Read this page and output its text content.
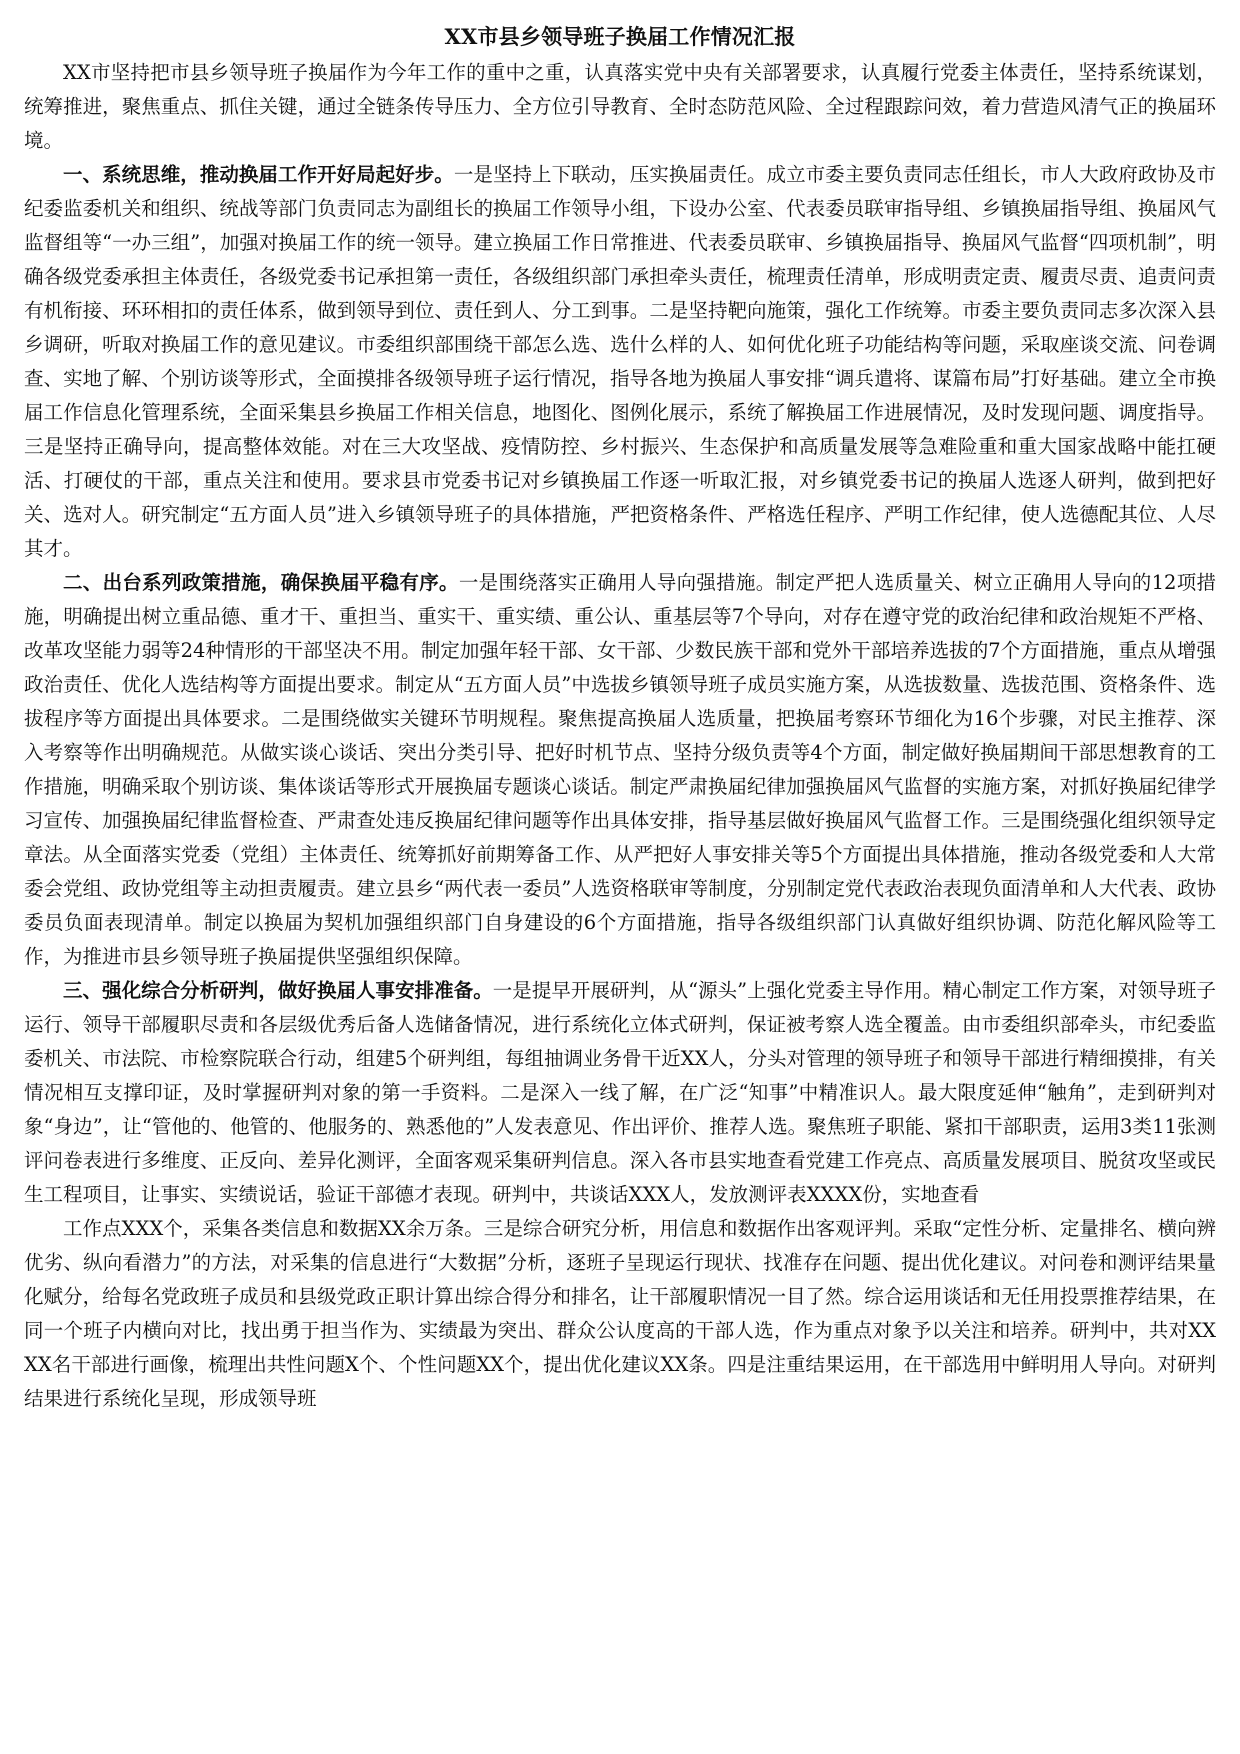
XX市县乡领导班子换届工作情况汇报

XX市坚持把市县乡领导班子换届作为今年工作的重中之重，认真落实党中央有关部署要求，认真履行党委主体责任，坚持系统谋划，统筹推进，聚焦重点、抓住关键，通过全链条传导压力、全方位引导教育、全时态防范风险、全过程跟踪问效，着力营造风清气正的换届环境。

一、系统思维，推动换届工作开好局起好步。一是坚持上下联动，压实换届责任。成立市委主要负责同志任组长，市人大政府政协及市纪委监委机关和组织、统战等部门负责同志为副组长的换届工作领导小组，下设办公室、代表委员联审指导组、乡镇换届指导组、换届风气监督组等“一办三组”，加强对换届工作的统一领导。建立换届工作日常推进、代表委员联审、乡镇换届指导、换届风气监督“四项机制”，明确各级党委承担主体责任，各级党委书记承担第一责任，各级组织部门承担牵头责任，梳理责任清单，形成明责定责、履责尽责、追责问责有机衔接、环环相扣的责任体系，做到领导到位、责任到人、分工到事。二是坚持靶向施策，强化工作统筹。市委主要负责同志多次深入县乡调研，听取对换届工作的意见建议。市委组织部围绕干部怎么选、选什么样的人、如何优化班子功能结构等问题，采取座谈交流、问卷调查、实地了解、个别访谈等形式，全面摸排各级领导班子运行情况，指导各地为换届人事安排“调兵遣将、谋篇布局”打好基础。建立全市换届工作信息化管理系统，全面采集县乡换届工作相关信息，地图化、图例化展示，系统了解换届工作进展情况，及时发现问题、调度指导。三是坚持正确导向，提高整体效能。对在三大攻坚战、疫情防控、乡村振兴、生态保护和高质量发展等急难险重和重大国家战略中能扛硬活、打硬仗的干部，重点关注和使用。要求县市党委书记对乡镇换届工作逐一听取汇报，对乡镇党委书记的换届人选逐人研判，做到把好关、选对人。研究制定“五方面人员”进入乡镇领导班子的具体措施，严把资格条件、严格选任程序、严明工作纪律，使人选德配其位、人尽其才。

二、出台系列政策措施，确保换届平稳有序。一是围绕落实正确用人导向强措施。制定严把人选质量关、树立正确用人导向的12项措施，明确提出树立重品德、重才干、重担当、重实干、重实绩、重公认、重基层等7个导向，对存在遵守党的政治纪律和政治规矩不严格、改革攻坚能力弱等24种情形的干部坚决不用。制定加强年轻干部、女干部、少数民族干部和党外干部培养选拔的7个方面措施，重点从增强政治责任、优化人选结构等方面提出要求。制定从“五方面人员”中选拔乡镇领导班子成员实施方案，从选拔数量、选拔范围、资格条件、选拔程序等方面提出具体要求。二是围绕做实关键环节明规程。聚焦提高换届人选质量，把换届考察环节细化为16个步骤，对民主推荐、深入考察等作出明确规范。从做实谈心谈话、突出分类引导、把好时机节点、坚持分级负责等4个方面，制定做好换届期间干部思想教育的工作措施，明确采取个别访谈、集体谈话等形式开展换届专题谈心谈话。制定严肃换届纪律加强换届风气监督的实施方案，对抓好换届纪律学习宣传、加强换届纪律监督检查、严肃查处违反换届纪律问题等作出具体安排，指导基层做好换届风气监督工作。三是围绕强化组织领导定章法。从全面落实党委（党组）主体责任、统筹抓好前期筹备工作、从严把好人事安排关等5个方面提出具体措施，推动各级党委和人大常委会党组、政协党组等主动担责履责。建立县乡“两代表一委员”人选资格联审等制度，分别制定党代表政治表现负面清单和人大代表、政协委员负面表现清单。制定以换届为契机加强组织部门自身建设的6个方面措施，指导各级组织部门认真做好组织协调、防范化解风险等工作，为推进市县乡领导班子换届提供坚强组织保障。

三、强化综合分析研判，做好换届人事安排准备。一是提早开展研判，从“源头”上强化党委主导作用。精心制定工作方案，对领导班子运行、领导干部履职尽责和各层级优秀后备人选储备情况，进行系统化立体式研判，保证被考察人选全覆盖。由市委组织部牵头，市纪委监委机关、市法院、市检察院联合行动，组建5个研判组，每组抽调业务骨干近XX人，分头对管理的领导班子和领导干部进行精细摸排，有关情况相互支撑印证，及时掌握研判对象的第一手资料。二是深入一线了解，在广泛“知事”中精准识人。最大限度延伸“触角”，走到研判对象“身边”，让“管他的、他管的、他服务的、熟悉他的”人发表意见、作出评价、推荐人选。聚焦班子职能、紧扣干部职责，运用3类11张测评问卷表进行多维度、正反向、差异化测评，全面客观采集研判信息。深入各市县实地查看党建工作亮点、高质量发展项目、脱贫攻坚或民生工程项目，让事实、实绩说话，验证干部德才表现。研判中，共谈话XXX人，发放测评表XXXX份，实地查看

工作点XXX个，采集各类信息和数据XX余万条。三是综合研究分析，用信息和数据作出客观评判。采取“定性分析、定量排名、横向辨优劣、纵向看潜力”的方法，对采集的信息进行“大数据”分析，逐班子呈现运行现状、找准存在问题、提出优化建议。对问卷和测评结果量化赋分，给每名党政班子成员和县级党政正职计算出综合得分和排名，让干部履职情况一目了然。综合运用谈话和无任用投票推荐结果，在同一个班子内横向对比，找出勇于担当作为、实绩最为突出、群众公认度高的干部人选，作为重点对象予以关注和培养。研判中，共对XXXX名干部进行画像，梳理出共性问题X个、个性问题XX个，提出优化建议XX条。四是注重结果运用，在干部选用中鲜明用人导向。对研判结果进行系统化呈现，形成领导班
